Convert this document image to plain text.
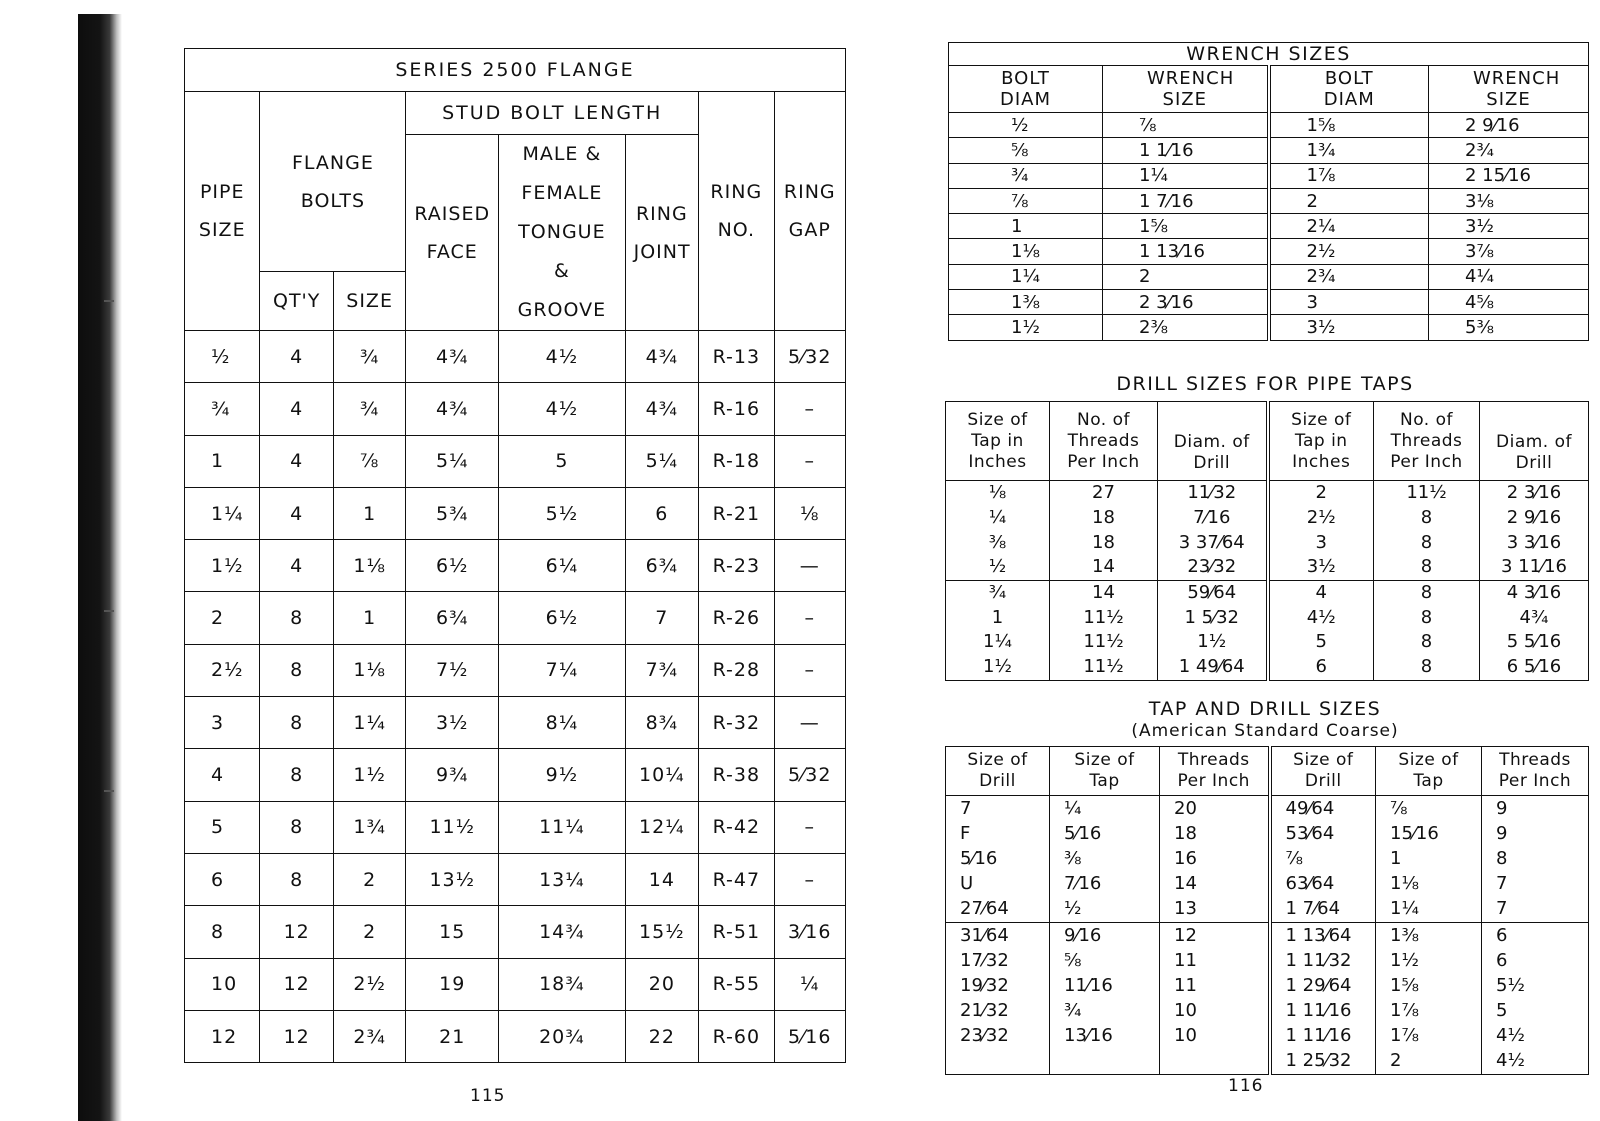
SERIES 2500 FLANGE							
PIPE SIZE	FLANGE BOLTS		STUD BOLT LENGTH			RING NO.	RING GAP
			RAISED FACE	MALE & FEMALE TONGUE & GROOVE	RING JOINT		
	QT'Y	SIZE					
½	4	¾	4¾	4½	4¾	R-13	5⁄32
¾	4	¾	4¾	4½	4¾	R-16	–
1	4	⅞	5¼	5	5¼	R-18	–
1¼	4	1	5¾	5½	6	R-21	⅛
1½	4	1⅛	6½	6¼	6¾	R-23	—
2	8	1	6¾	6½	7	R-26	–
2½	8	1⅛	7½	7¼	7¾	R-28	–
3	8	1¼	3½	8¼	8¾	R-32	—
4	8	1½	9¾	9½	10¼	R-38	5⁄32
5	8	1¾	11½	11¼	12¼	R-42	–
6	8	2	13½	13¼	14	R-47	–
8	12	2	15	14¾	15½	R-51	3⁄16
10	12	2½	19	18¾	20	R-55	¼
12	12	2¾	21	20¾	22	R-60	5⁄16
115
WRENCH SIZES			
BOLT DIAM	WRENCH SIZE	BOLT DIAM	WRENCH SIZE
½	⅞	1⅝	2 9⁄16
⅝	1 1⁄16	1¾	2¾
¾	1¼	1⅞	2 15⁄16
⅞	1 7⁄16	2	3⅛
1	1⅝	2¼	3½
1⅛	1 13⁄16	2½	3⅞
1¼	2	2¾	4¼
1⅜	2 3⁄16	3	4⅝
1½	2⅜	3½	5⅜
DRILL SIZES FOR PIPE TAPS
Size of Tap in Inches	No. of Threads Per Inch	Diam. of Drill	Size of Tap in Inches	No. of Threads Per Inch	Diam. of Drill
⅛	27	11⁄32	2	11½	2 3⁄16
¼	18	7⁄16	2½	8	2 9⁄16
⅜	18	3 37⁄64	3	8	3 3⁄16
½	14	23⁄32	3½	8	3 11⁄16
¾	14	59⁄64	4	8	4 3⁄16
1	11½	1 5⁄32	4½	8	4¾
1¼	11½	1½	5	8	5 5⁄16
1½	11½	1 49⁄64	6	8	6 5⁄16
TAP AND DRILL SIZES
(American Standard Coarse)
Size of Drill	Size of Tap	Threads Per Inch	Size of Drill	Size of Tap	Threads Per Inch
7	¼	20	49⁄64	⅞	9
F	5⁄16	18	53⁄64	15⁄16	9
5⁄16	⅜	16	⅞	1	8
U	7⁄16	14	63⁄64	1⅛	7
27⁄64	½	13	1 7⁄64	1¼	7
31⁄64	9⁄16	12	1 13⁄64	1⅜	6
17⁄32	⅝	11	1 11⁄32	1½	6
19⁄32	11⁄16	11	1 29⁄64	1⅝	5½
21⁄32	¾	10	1 11⁄16	1⅞	5
23⁄32	13⁄16	10	1 11⁄16	1⅞	4½
			1 25⁄32	2	4½
116
